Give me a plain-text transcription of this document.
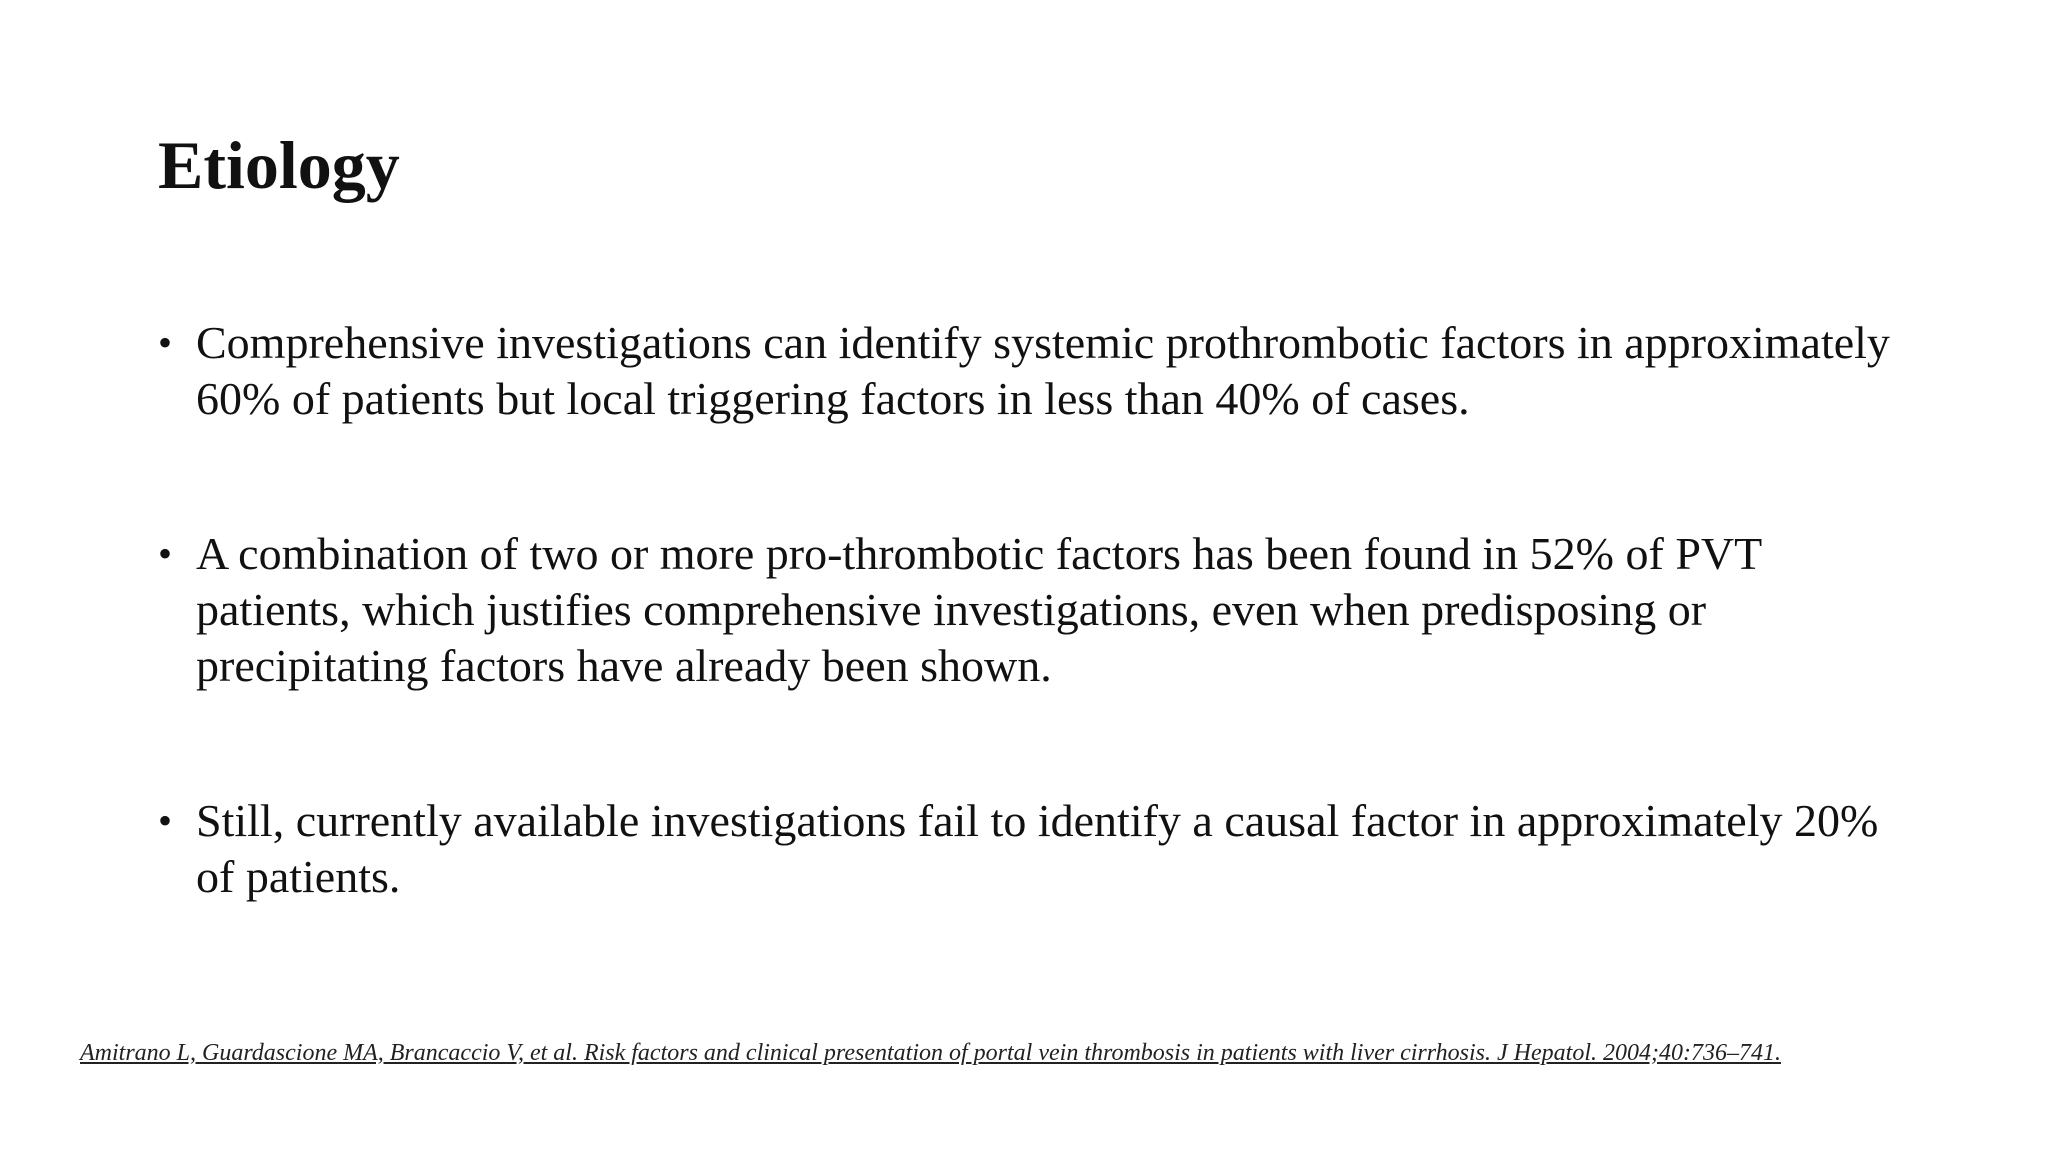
Etiology
• Comprehensive investigations can identify systemic prothrombotic factors in approximately 60% of patients but local triggering factors in less than 40% of cases.
• A combination of two or more pro-thrombotic factors has been found in 52% of PVT patients, which justifies comprehensive investigations, even when predisposing or precipitating factors have already been shown.
• Still, currently available investigations fail to identify a causal factor in approximately 20% of patients.
Amitrano L, Guardascione MA, Brancaccio V, et al. Risk factors and clinical presentation of portal vein thrombosis in patients with liver cirrhosis. J Hepatol. 2004;40:736–741.
